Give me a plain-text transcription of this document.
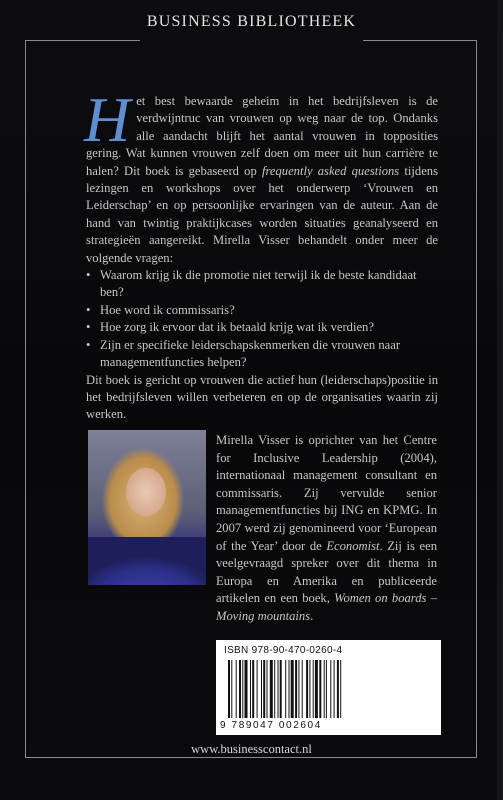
BUSINESS BIBLIOTHEEK

Het best bewaarde geheim in het bedrijfsleven is de verdwijntruc van vrouwen op weg naar de top. Ondanks alle aandacht blijft het aantal vrouwen in topposities gering. Wat kunnen vrouwen zelf doen om meer uit hun carrière te halen? Dit boek is gebaseerd op frequently asked questions tijdens lezingen en workshops over het onderwerp ‘Vrouwen en Leiderschap’ en op persoonlijke ervaringen van de auteur. Aan de hand van twintig praktijkcases worden situaties geanalyseerd en strategieën aangereikt. Mirella Visser behandelt onder meer de volgende vragen:

• Waarom krijg ik die promotie niet terwijl ik de beste kandidaat ben?
• Hoe word ik commissaris?
• Hoe zorg ik ervoor dat ik betaald krijg wat ik verdien?
• Zijn er specifieke leiderschapskenmerken die vrouwen naar managementfuncties helpen?

Dit boek is gericht op vrouwen die actief hun (leiderschaps)positie in het bedrijfsleven willen verbeteren en op de organisaties waarin zij werken.

Mirella Visser is oprichter van het Centre for Inclusive Leadership (2004), internationaal management consultant en commissaris. Zij vervulde senior managementfuncties bij ING en KPMG. In 2007 werd zij genomineerd voor ‘European of the Year’ door de Economist. Zij is een veelgevraagd spreker over dit thema in Europa en Amerika en publiceerde artikelen en een boek, Women on boards – Moving mountains.
ISBN 978-90-470-0260-4
9 789047 002604
www.businesscontact.nl
